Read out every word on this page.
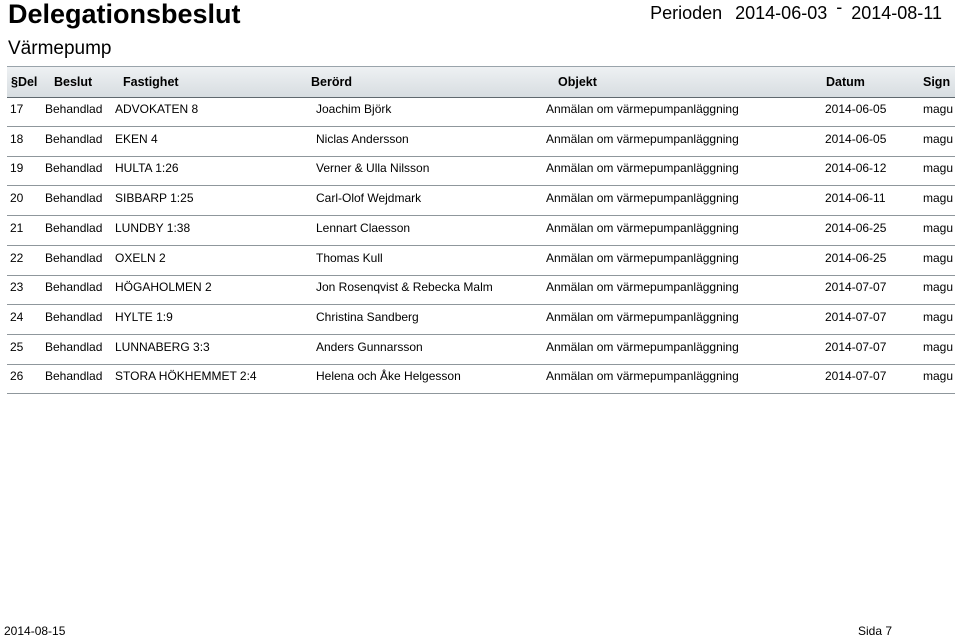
Delegationsbeslut	Perioden 2014-06-03 - 2014-08-11
Värmepump
§Del Beslut Fastighet	Berörd	Objekt	Datum	Sign
17 Behandlad ADVOKATEN 8	Joachim Björk	Anmälan om värmepumpanläggning	2014-06-05	magu
18 Behandlad EKEN 4	Niclas Andersson	Anmälan om värmepumpanläggning	2014-06-05	magu
19 Behandlad HULTA 1:26	Verner & Ulla Nilsson	Anmälan om värmepumpanläggning	2014-06-12	magu
20 Behandlad SIBBARP 1:25	Carl-Olof Wejdmark	Anmälan om värmepumpanläggning	2014-06-11	magu
21 Behandlad LUNDBY 1:38	Lennart Claesson	Anmälan om värmepumpanläggning	2014-06-25	magu
22 Behandlad OXELN 2	Thomas Kull	Anmälan om värmepumpanläggning	2014-06-25	magu
23 Behandlad HÖGAHOLMEN 2	Jon Rosenqvist & Rebecka Malm	Anmälan om värmepumpanläggning	2014-07-07	magu
24 Behandlad HYLTE 1:9	Christina Sandberg	Anmälan om värmepumpanläggning	2014-07-07	magu
25 Behandlad LUNNABERG 3:3	Anders Gunnarsson	Anmälan om värmepumpanläggning	2014-07-07	magu
26 Behandlad STORA HÖKHEMMET 2:4	Helena och Åke Helgesson	Anmälan om värmepumpanläggning	2014-07-07	magu
2014-08-15	Sida 7
